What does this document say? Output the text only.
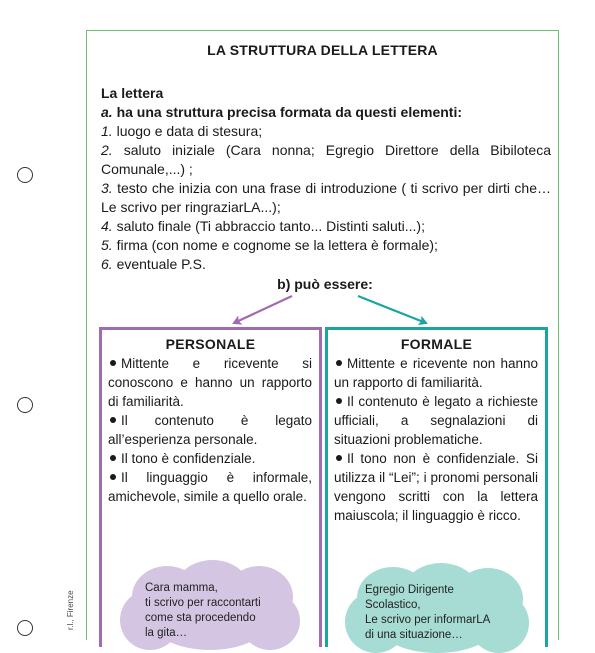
r.l., Firenze
LA STRUTTURA DELLA LETTERA

La lettera

a. ha una struttura precisa formata da questi elementi:

1. luogo e data di stesura;

2. saluto iniziale (Cara nonna; Egregio Direttore della Bibiloteca Comunale,...) ;

3. testo che inizia con una frase di introduzione ( ti scrivo per dirti che… Le scrivo per ringraziarLA...);

4. saluto finale (Ti abbraccio tanto... Distinti saluti...);

5. firma (con nome e cognome se la lettera è formale);

6. eventuale P.S.

b) può essere:
PERSONALE
Mittente e ricevente si conoscono e hanno un rapporto di familiarità.
Il contenuto è legato all’esperienza personale.
Il tono è confidenziale.
Il linguaggio è informale, amichevole, simile a quello orale.
FORMALE
Mittente e ricevente non hanno un rapporto di familiarità.
Il contenuto è legato a richieste ufficiali, a segnalazioni di situazioni problematiche.
Il tono non è confidenziale. Si utilizza il “Lei”; i pronomi personali vengono scritti con la lettera maiuscola; il linguaggio è ricco.
Cara mamma,
ti scrivo per raccontarti
come sta procedendo
la gita…
Egregio Dirigente
Scolastico,
Le scrivo per informarLA
di una situazione…
